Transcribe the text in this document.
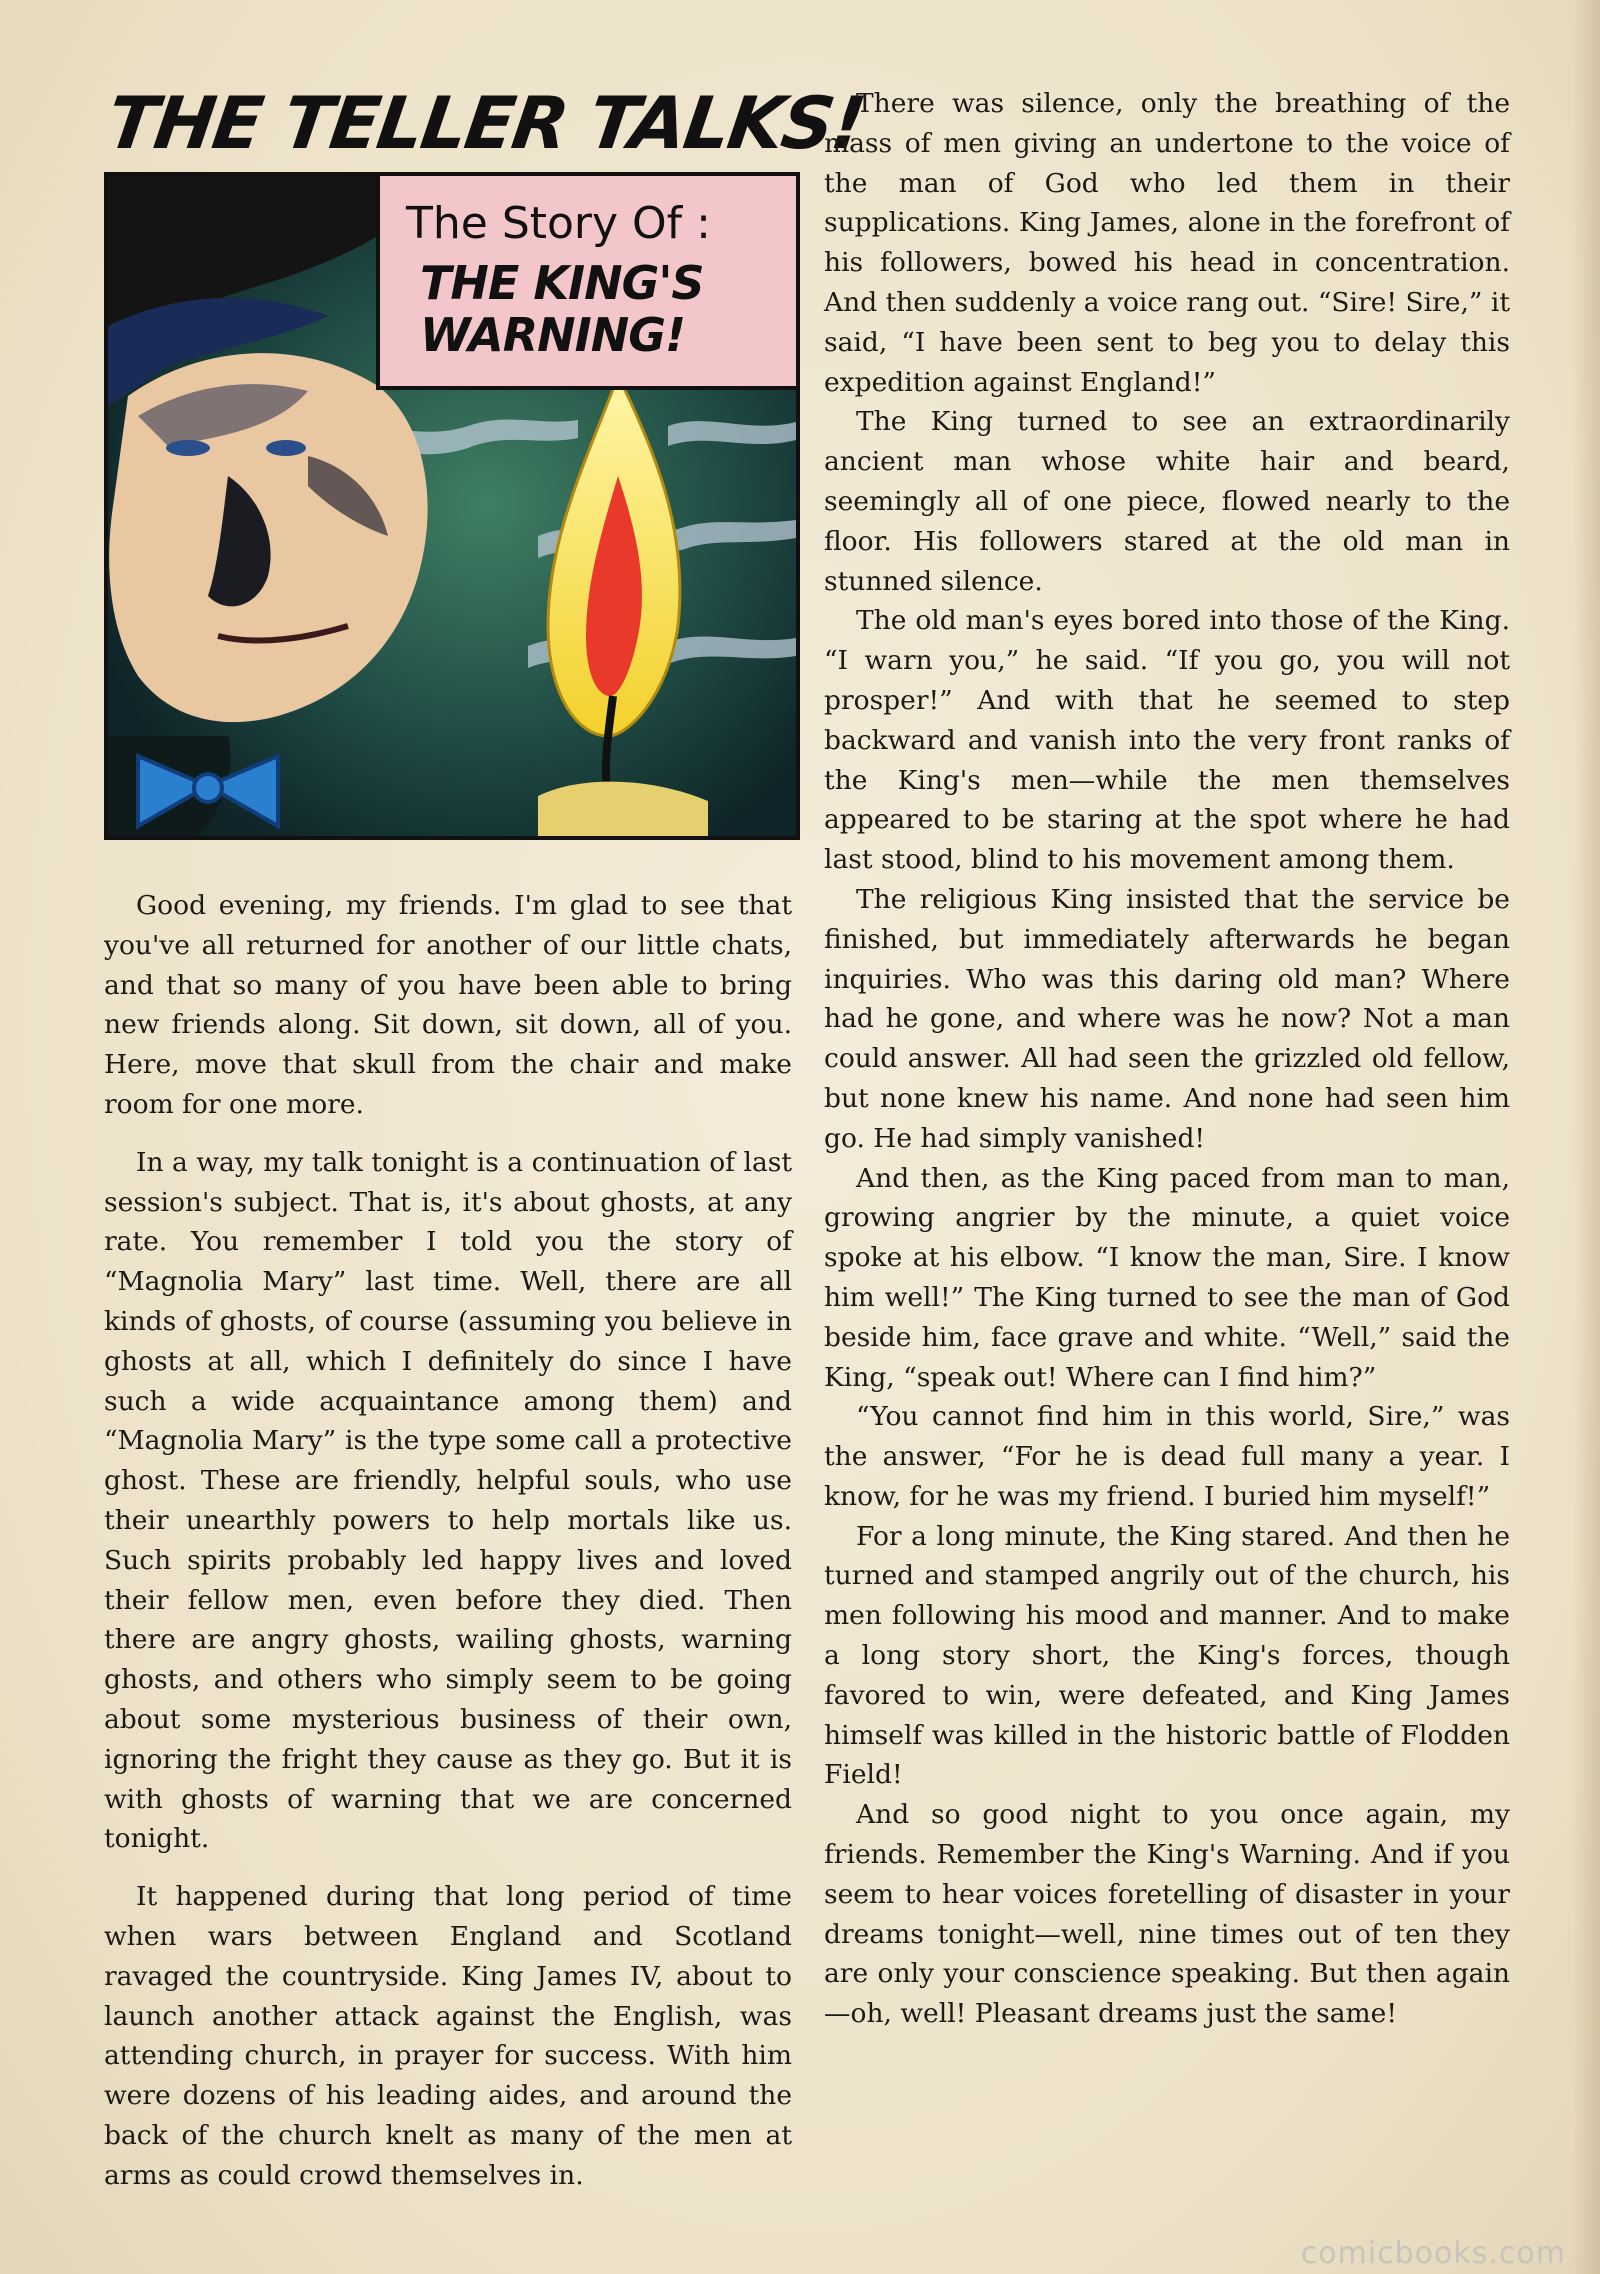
THE TELLER TALKS!
The Story Of :
THE KING'S
WARNING!

Good evening, my friends. I'm glad to see that you've all returned for another of our little chats, and that so many of you have been able to bring new friends along. Sit down, sit down, all of you. Here, move that skull from the chair and make room for one more.

In a way, my talk tonight is a continuation of last session's subject. That is, it's about ghosts, at any rate. You remember I told you the story of “Magnolia Mary” last time. Well, there are all kinds of ghosts, of course (assuming you believe in ghosts at all, which I definitely do since I have such a wide acquaintance among them) and “Magnolia Mary” is the type some call a protective ghost. These are friendly, helpful souls, who use their unearthly powers to help mortals like us. Such spirits probably led happy lives and loved their fellow men, even before they died. Then there are angry ghosts, wailing ghosts, warning ghosts, and others who simply seem to be going about some mysterious business of their own, ignoring the fright they cause as they go. But it is with ghosts of warning that we are concerned tonight.

It happened during that long period of time when wars between England and Scotland ravaged the countryside. King James IV, about to launch another attack against the English, was attending church, in prayer for success. With him were dozens of his leading aides, and around the back of the church knelt as many of the men at arms as could crowd themselves in.

There was silence, only the breathing of the mass of men giving an undertone to the voice of the man of God who led them in their supplications. King James, alone in the forefront of his followers, bowed his head in concentration. And then suddenly a voice rang out. “Sire! Sire,” it said, “I have been sent to beg you to delay this expedition against England!”

The King turned to see an extraordinarily ancient man whose white hair and beard, seemingly all of one piece, flowed nearly to the floor. His followers stared at the old man in stunned silence.

The old man's eyes bored into those of the King. “I warn you,” he said. “If you go, you will not prosper!” And with that he seemed to step backward and vanish into the very front ranks of the King's men—while the men themselves appeared to be staring at the spot where he had last stood, blind to his movement among them.

The religious King insisted that the service be finished, but immediately afterwards he began inquiries. Who was this daring old man? Where had he gone, and where was he now? Not a man could answer. All had seen the grizzled old fellow, but none knew his name. And none had seen him go. He had simply vanished!

And then, as the King paced from man to man, growing angrier by the minute, a quiet voice spoke at his elbow. “I know the man, Sire. I know him well!” The King turned to see the man of God beside him, face grave and white. “Well,” said the King, “speak out! Where can I find him?”

“You cannot find him in this world, Sire,” was the answer, “For he is dead full many a year. I know, for he was my friend. I buried him myself!”

For a long minute, the King stared. And then he turned and stamped angrily out of the church, his men following his mood and manner. And to make a long story short, the King's forces, though favored to win, were defeated, and King James himself was killed in the historic battle of Flodden Field!

And so good night to you once again, my friends. Remember the King's Warning. And if you seem to hear voices foretelling of disaster in your dreams tonight—well, nine times out of ten they are only your conscience speaking. But then again—oh, well! Pleasant dreams just the same!

comicbooks.com
